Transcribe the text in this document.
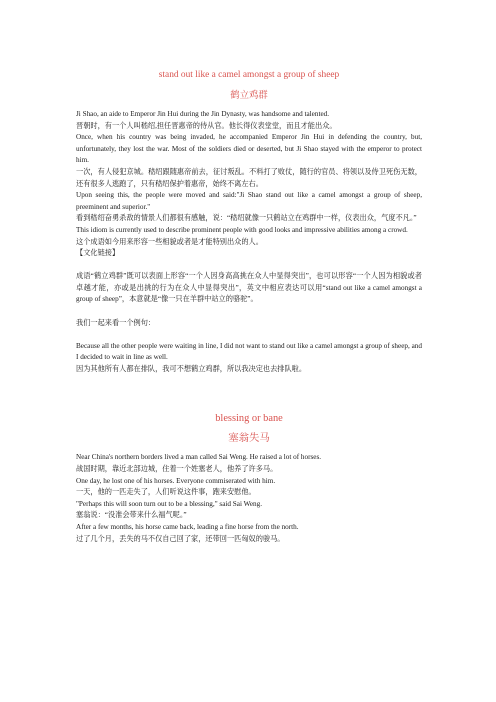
stand out like a camel amongst a group of sheep

鹤立鸡群

Ji Shao, an aide to Emperor Jin Hui during the Jin Dynasty, was handsome and talented.

晋朝时，有一个人叫嵇绍,担任晋惠帝的侍从官。他长得仪表堂堂，而且才能出众。

Once, when his country was being invaded, he accompanied Emperor Jin Hui in defending the country, but, unfortunately, they lost the war. Most of the soldiers died or deserted, but Ji Shao stayed with the emperor to protect him.

一次，有人侵犯京城。嵇绍跟随惠帝前去，征讨叛乱。不料打了败仗，随行的官员、将领以及侍卫死伤无数，还有很多人逃跑了，只有嵇绍保护着惠帝，始终不离左右。

Upon seeing this, the people were moved and said:"Ji Shao stand out like a camel amongst a group of sheep, preeminent and superior."

看到嵇绍奋勇杀敌的情景人们都很有感触，说：“嵇绍就像一只鹤站立在鸡群中一样，仪表出众，气度不凡。”

This idiom is currently used to describe prominent people with good looks and impressive abilities among a crowd.

这个成语如今用来形容一些相貌或者是才能特别出众的人。

【文化链接】

成语“鹤立鸡群”既可以表面上形容“一个人因身高高挑在众人中显得突出”，也可以形容“一个人因为相貌或者卓越才能，亦或是出挑的行为在众人中显得突出”，英文中相应表达可以用“stand out like a camel amongst a group of sheep”，本意就是“像一只在羊群中站立的骆驼”。

我们一起来看一个例句：

Because all the other people were waiting in line, I did not want to stand out like a camel amongst a group of sheep, and I decided to wait in line as well.

因为其他所有人都在排队，我可不想鹤立鸡群，所以我决定也去排队啦。

blessing or bane

塞翁失马

Near China's northern borders lived a man called Sai Weng. He raised a lot of horses.

战国时期，靠近北部边城，住着一个姓塞老人，他养了许多马。

One day, he lost one of his horses. Everyone commiserated with him.

一天，他的一匹走失了，人们听说这件事，跑来安慰他。

"Perhaps this will soon turn out to be a blessing," said Sai Weng.

塞翁说：“没准会带来什么福气呢。”

After a few months, his horse came back, leading a fine horse from the north.

过了几个月，丢失的马不仅自己回了家，还带回一匹匈奴的骏马。
